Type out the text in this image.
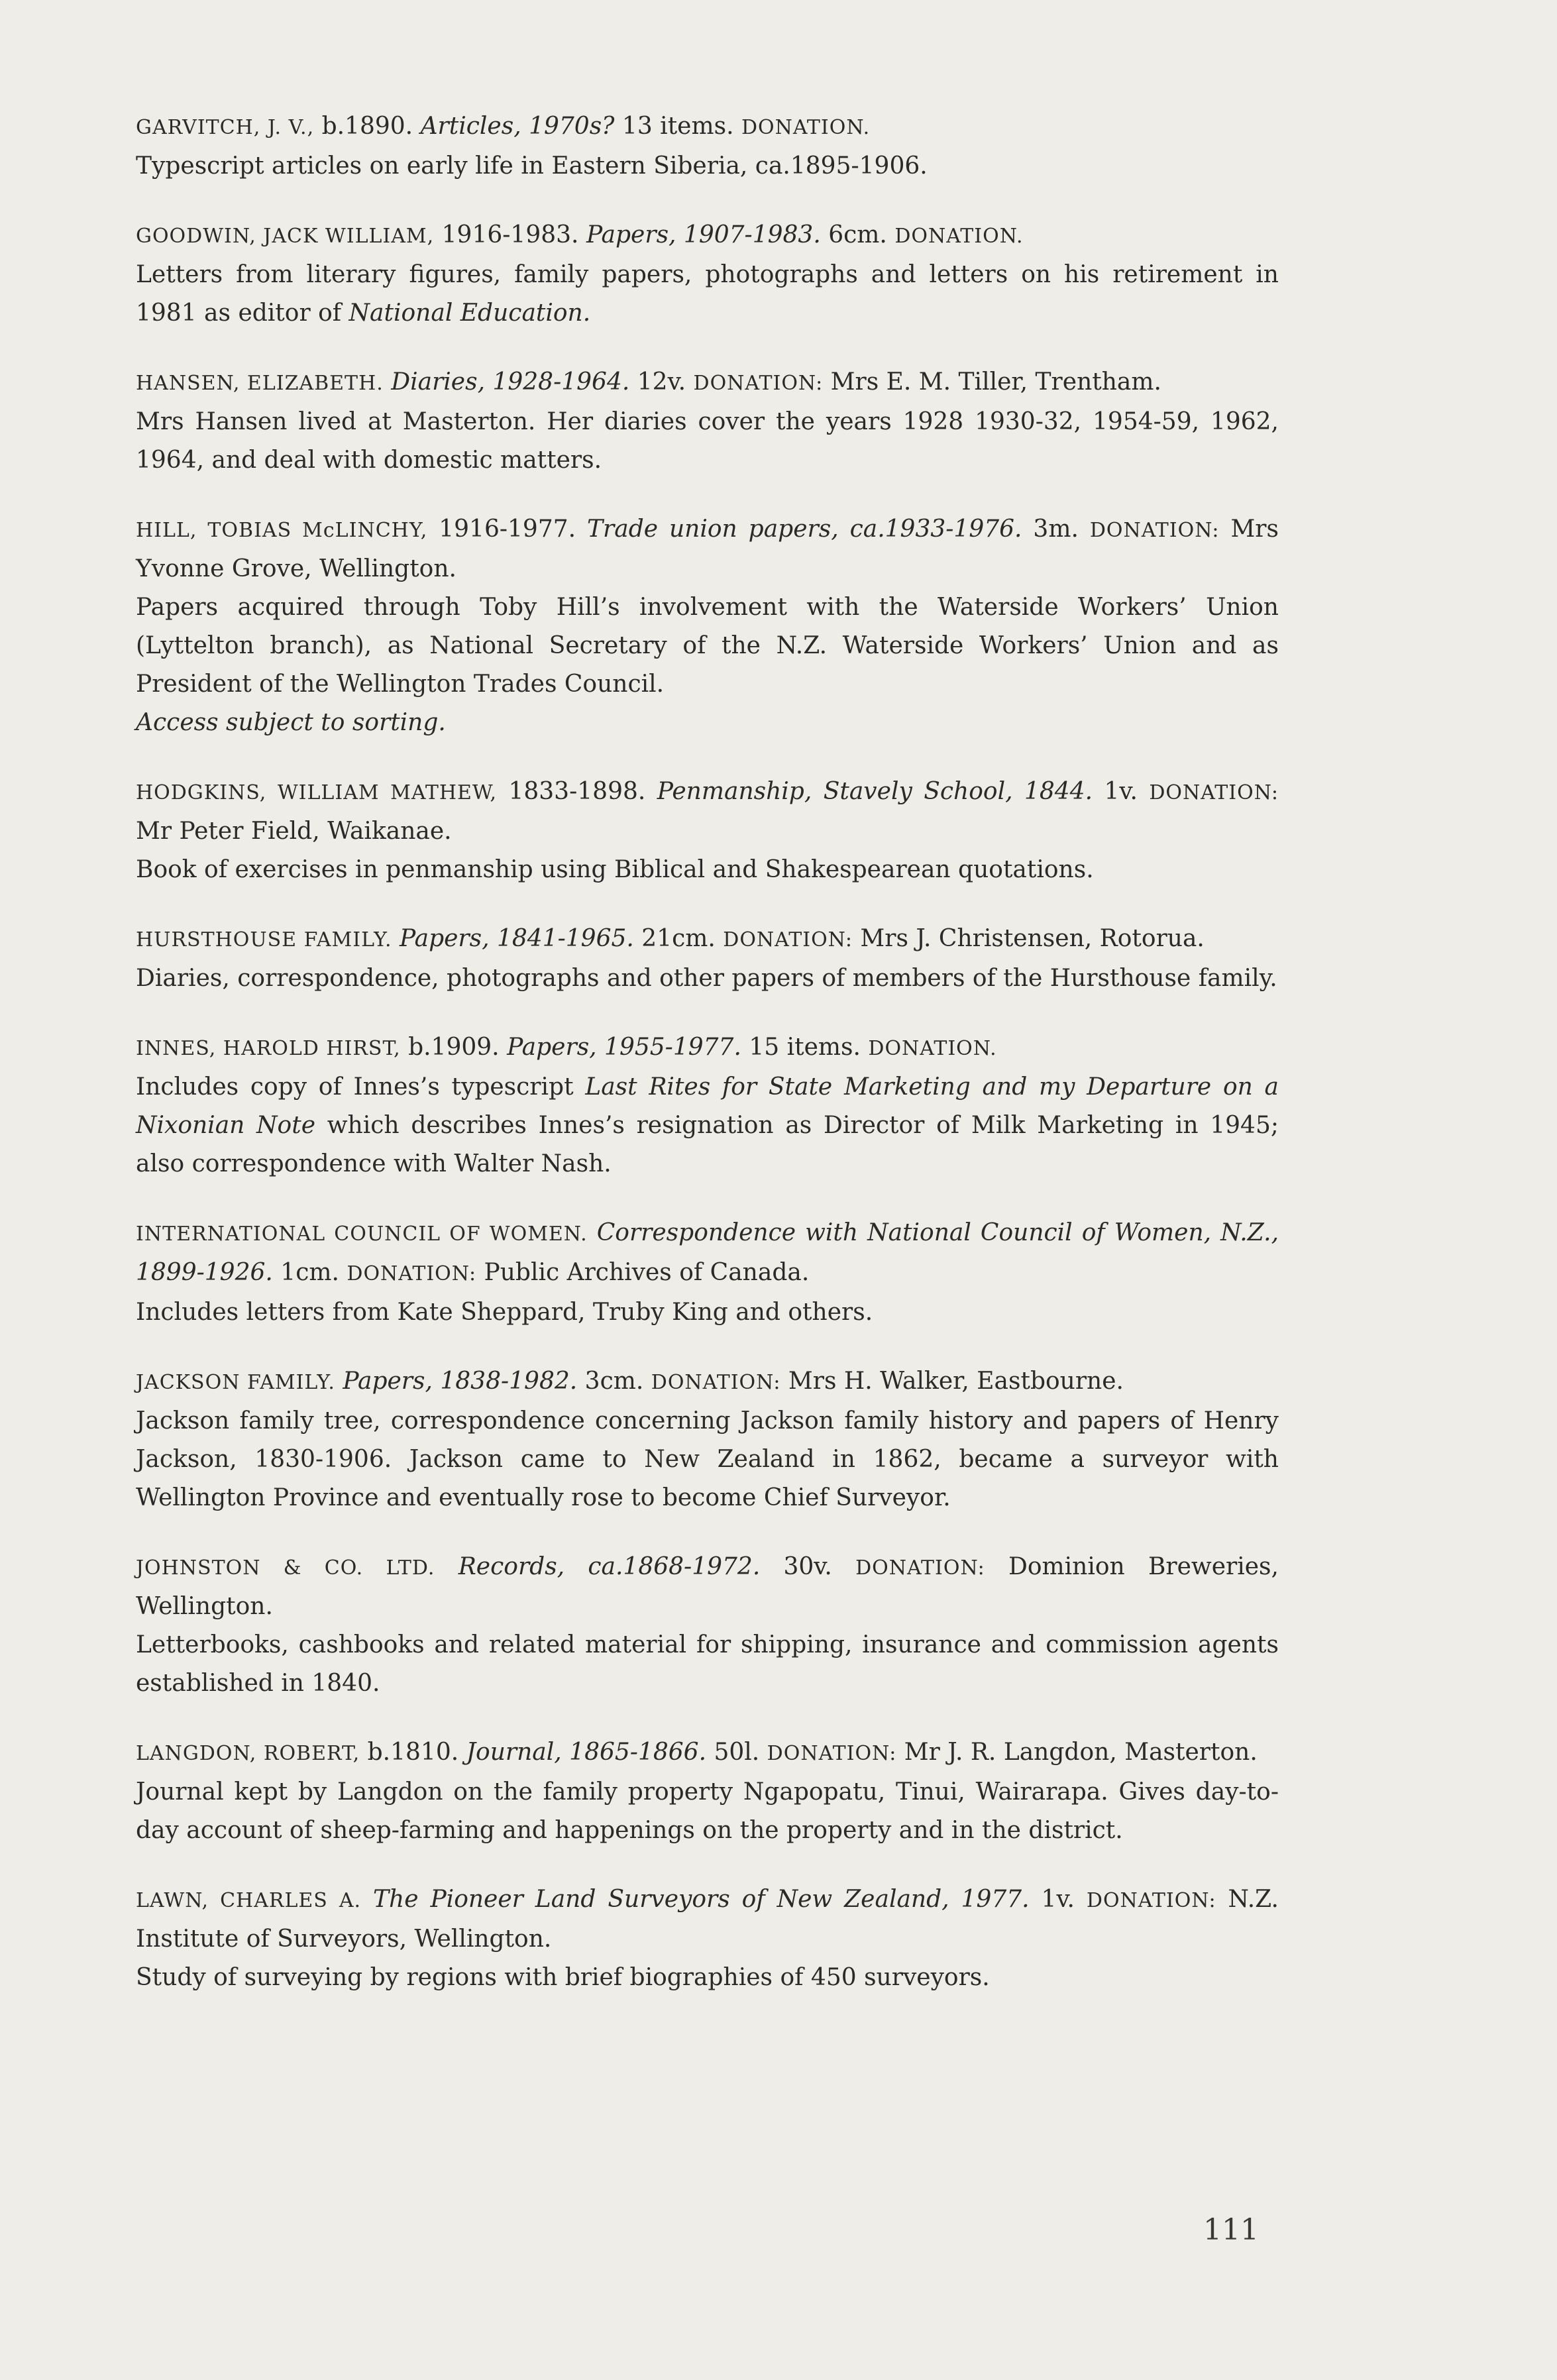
GARVITCH, J. V., b.1890. Articles, 1970s? 13 items. DONATION.

Typescript articles on early life in Eastern Siberia, ca.1895-1906.

GOODWIN, JACK WILLIAM, 1916-1983. Papers, 1907-1983. 6cm. DONATION.

Letters from literary figures, family papers, photographs and letters on his retirement in 1981 as editor of National Education.

HANSEN, ELIZABETH. Diaries, 1928-1964. 12v. DONATION: Mrs E. M. Tiller, Trentham.

Mrs Hansen lived at Masterton. Her diaries cover the years 1928 1930-32, 1954-59, 1962, 1964, and deal with domestic matters.

HILL, TOBIAS McLINCHY, 1916-1977. Trade union papers, ca.1933-1976. 3m. DONATION: Mrs Yvonne Grove, Wellington.

Papers acquired through Toby Hill’s involvement with the Waterside Workers’ Union (Lyttelton branch), as National Secretary of the N.Z. Waterside Workers’ Union and as President of the Wellington Trades Council.

Access subject to sorting.

HODGKINS, WILLIAM MATHEW, 1833-1898. Penmanship, Stavely School, 1844. 1v. DONATION: Mr Peter Field, Waikanae.

Book of exercises in penmanship using Biblical and Shakespearean quotations.

HURSTHOUSE FAMILY. Papers, 1841-1965. 21cm. DONATION: Mrs J. Christensen, Rotorua.

Diaries, correspondence, photographs and other papers of members of the Hursthouse family.

INNES, HAROLD HIRST, b.1909. Papers, 1955-1977. 15 items. DONATION.

Includes copy of Innes’s typescript Last Rites for State Marketing and my Departure on a Nixonian Note which describes Innes’s resignation as Director of Milk Marketing in 1945; also correspondence with Walter Nash.

INTERNATIONAL COUNCIL OF WOMEN. Correspondence with National Council of Women, N.Z., 1899-1926. 1cm. DONATION: Public Archives of Canada.

Includes letters from Kate Sheppard, Truby King and others.

JACKSON FAMILY. Papers, 1838-1982. 3cm. DONATION: Mrs H. Walker, Eastbourne.

Jackson family tree, correspondence concerning Jackson family history and papers of Henry Jackson, 1830-1906. Jackson came to New Zealand in 1862, became a surveyor with Wellington Province and eventually rose to become Chief Surveyor.

JOHNSTON & CO. LTD. Records, ca.1868-1972. 30v. DONATION: Dominion Breweries, Wellington.

Letterbooks, cashbooks and related material for shipping, insurance and commission agents established in 1840.

LANGDON, ROBERT, b.1810. Journal, 1865-1866. 50l. DONATION: Mr J. R. Langdon, Masterton.

Journal kept by Langdon on the family property Ngapopatu, Tinui, Wairarapa. Gives day-to-day account of sheep-farming and happenings on the property and in the district.

LAWN, CHARLES A. The Pioneer Land Surveyors of New Zealand, 1977. 1v. DONATION: N.Z. Institute of Surveyors, Wellington.

Study of surveying by regions with brief biographies of 450 surveyors.

111
